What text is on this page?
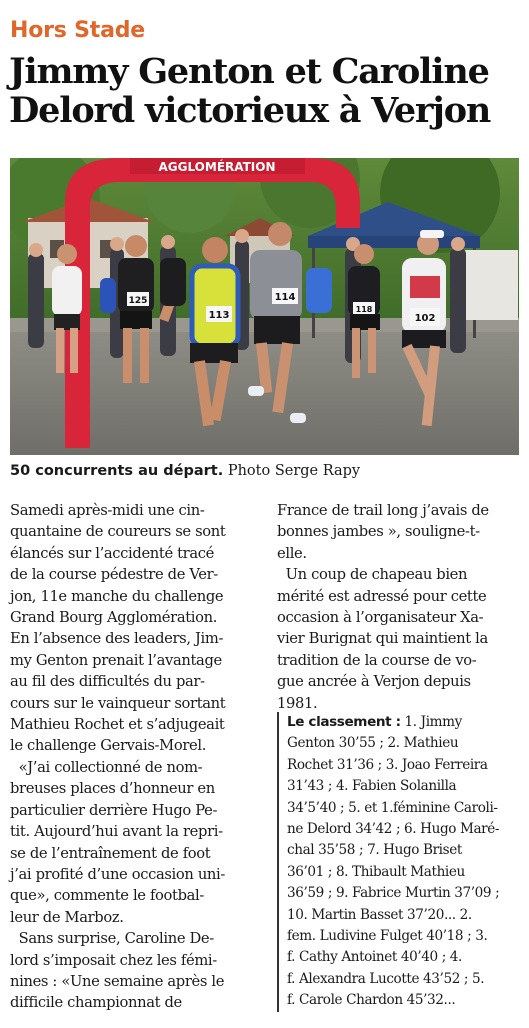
Hors Stade
Jimmy Genton et Caroline
Delord victorieux à Verjon
AGGLOMÉRATION
125
113
114
118
102
50 concurrents au départ. Photo Serge Rapy

Samedi après-midi une cin-

quantaine de coureurs se sont

élancés sur l’accidenté tracé

de la course pédestre de Ver-

jon, 11e manche du challenge

Grand Bourg Agglomération.

En l’absence des leaders, Jim-

my Genton prenait l’avantage

au fil des difficultés du par-

cours sur le vainqueur sortant

Mathieu Rochet et s’adjugeait

le challenge Gervais-Morel.

«J’ai collectionné de nom-

breuses places d’honneur en

particulier derrière Hugo Pe-

tit. Aujourd’hui avant la repri-

se de l’entraînement de foot

j’ai profité d’une occasion uni-

que», commente le footbal-

leur de Marboz.

Sans surprise, Caroline De-

lord s’imposait chez les fémi-

nines : «Une semaine après le

difficile championnat de

France de trail long j’avais de

bonnes jambes », souligne-t-

elle.

Un coup de chapeau bien

mérité est adressé pour cette

occasion à l’organisateur Xa-

vier Burignat qui maintient la

tradition de la course de vo-

gue ancrée à Verjon depuis

1981.

Le classement : 1. Jimmy

Genton 30’55 ; 2. Mathieu

Rochet 31’36 ; 3. Joao Ferreira

31’43 ; 4. Fabien Solanilla

34’5’40 ; 5. et 1.féminine Caroli-

ne Delord 34’42 ; 6. Hugo Maré-

chal 35’58 ; 7. Hugo Briset

36’01 ; 8. Thibault Mathieu

36’59 ; 9. Fabrice Murtin 37’09 ;

10. Martin Basset 37’20... 2.

fem. Ludivine Fulget 40’18 ; 3.

f. Cathy Antoinet 40’40 ; 4.

f. Alexandra Lucotte 43’52 ; 5.

f. Carole Chardon 45’32...
